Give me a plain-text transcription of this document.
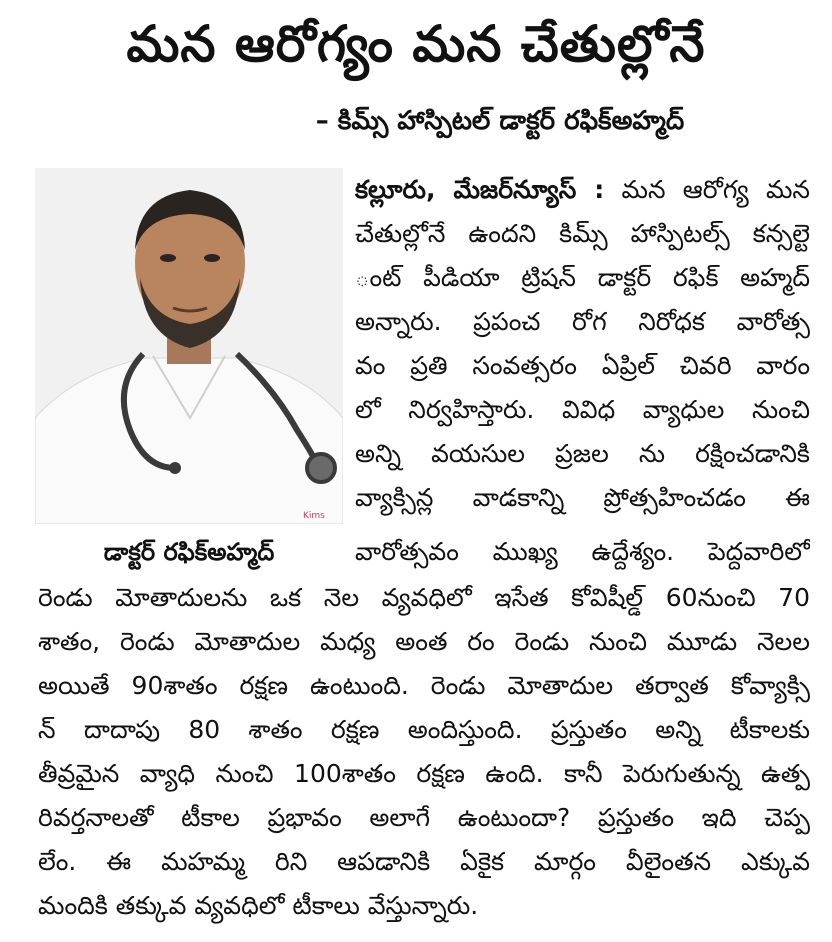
మన ఆరోగ్యం మన చేతుల్లోనే
– కిమ్స్ హాస్పిటల్ డాక్టర్ రఫిక్అహ్మద్
Kims
డాక్టర్ రఫిక్అహ్మద్
కల్లూరు, మేజర్‌న్యూస్ : మన ఆరోగ్య మన
చేతుల్లోనే ఉందని కిమ్స్ హాస్పిటల్స్ కన్సల్టె
ంట్ పీడియా ట్రిషన్ డాక్టర్ రఫిక్ అహ్మద్
అన్నారు. ప్రపంచ రోగ నిరోధక వారోత్స
వం ప్రతి సంవత్సరం ఏప్రిల్ చివరి వారం
లో నిర్వహిస్తారు. వివిధ వ్యాధుల నుంచి
అన్ని వయసుల ప్రజల ను రక్షించడానికి
వ్యాక్సిన్ల వాడకాన్ని ప్రోత్సహించడం ఈ
వారోత్సవం ముఖ్య ఉద్దేశ్యం. పెద్దవారిలో
రెండు మోతాదులను ఒక నెల వ్యవధిలో ఇసేత కోవిషీల్డ్ 60నుంచి 70
శాతం, రెండు మోతాదుల మధ్య అంత రం రెండు నుంచి మూడు నెలల
అయితే 90శాతం రక్షణ ఉంటుంది. రెండు మోతాదుల తర్వాత కోవ్యాక్సి
న్ దాదాపు 80 శాతం రక్షణ అందిస్తుంది. ప్రస్తుతం అన్ని టీకాలకు
తీవ్రమైన వ్యాధి నుంచి 100శాతం రక్షణ ఉంది. కానీ పెరుగుతున్న ఉత్ప
రివర్తనాలతో టీకాల ప్రభావం అలాగే ఉంటుందా? ప్రస్తుతం ఇది చెప్ప
లేం. ఈ మహమ్మ రిని ఆపడానికి ఏకైక మార్గం వీలైంతన ఎక్కువ
మందికి తక్కువ వ్యవధిలో టీకాలు వేస్తున్నారు.
